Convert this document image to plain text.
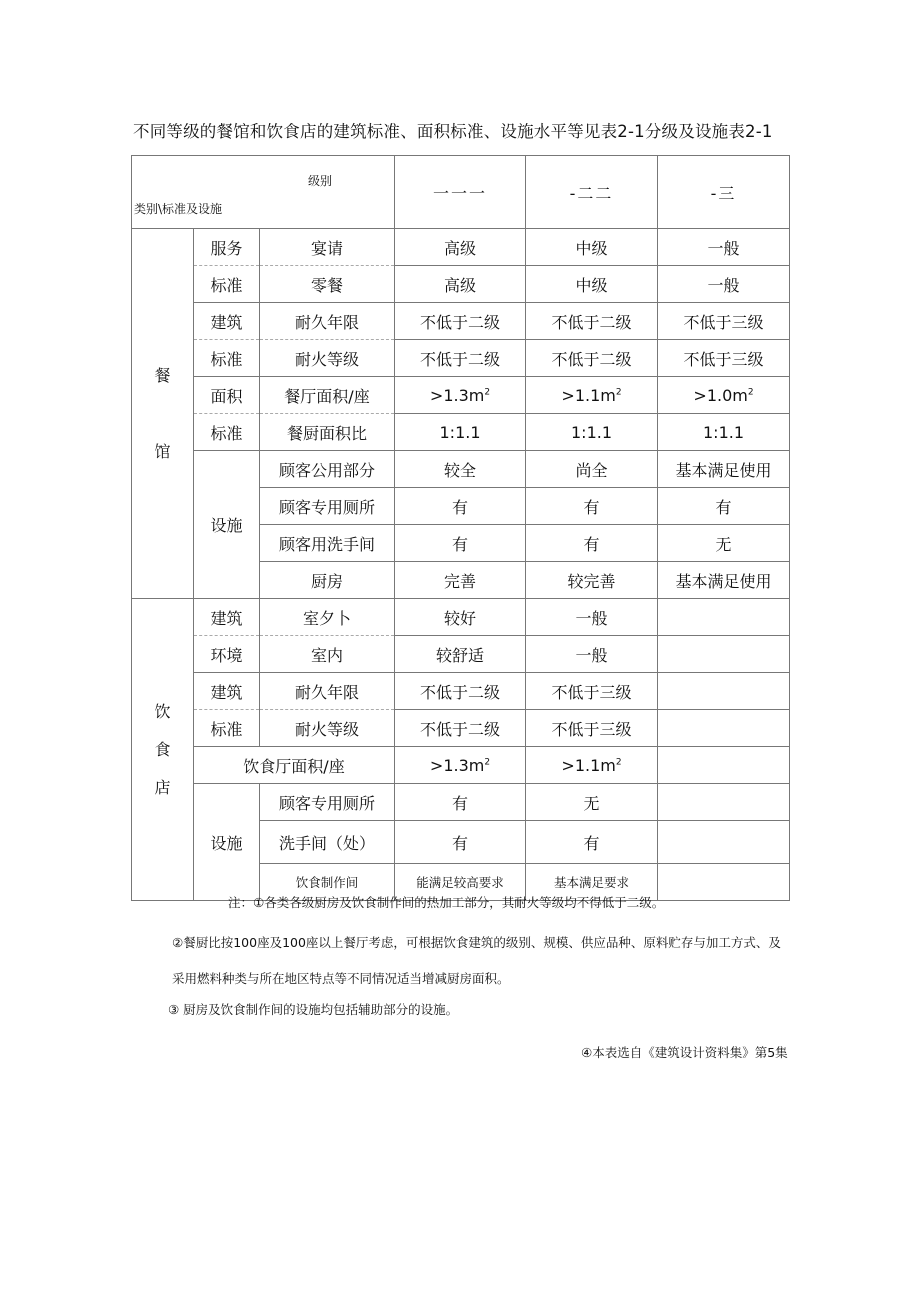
不同等级的餐馆和饮食店的建筑标准、面积标准、设施水平等见表2-1分级及设施表2-1
级别
类别\标准及设施			一一一	-二二	-三
餐

馆	服务	宴请	高级	中级	一般
	标准	零餐	高级	中级	一般
	建筑	耐久年限	不低于二级	不低于二级	不低于三级
	标准	耐火等级	不低于二级	不低于二级	不低于三级
	面积	餐厅面积/座	$>1.3m^2$	$>1.1m^2$	$>1.0m^2$
	标准	餐厨面积比	1:1.1	1:1.1	1:1.1
	设施	顾客公用部分	较全	尚全	基本满足使用
		顾客专用厕所	有	有	有
		顾客用洗手间	有	有	无
		厨房	完善	较完善	基本满足使用
饮
食
店	建筑	室夕卜	较好	一般	
	环境	室内	较舒适	一般	
	建筑	耐久年限	不低于二级	不低于三级	
	标准	耐火等级	不低于二级	不低于三级	
	饮食厅面积/座		$>1.3m^2$	$>1.1m^2$	
	设施	顾客专用厕所	有	无	
		洗手间（处）	有	有	
		饮食制作间	能满足较高要求	基本满足要求	
注：①各类各级厨房及饮食制作间的热加工部分，其耐火等级均不得低于二级。
②餐厨比按100座及100座以上餐厅考虑，可根据饮食建筑的级别、规模、供应品种、原料贮存与加工方式、及采用燃料种类与所在地区特点等不同情况适当增减厨房面积。
③ 厨房及饮食制作间的设施均包括辅助部分的设施。
④本表选自《建筑设计资料集》第5集
